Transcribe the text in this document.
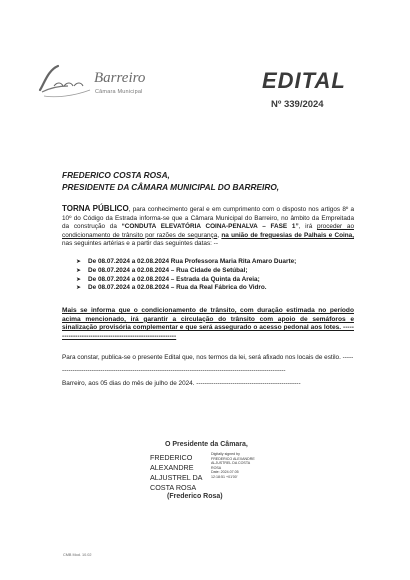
Barreiro
Câmara Municipal	EDITAL
Nº 339/2024
FREDERICO COSTA ROSA,
PRESIDENTE DA CÂMARA MUNICIPAL DO BARREIRO,
TORNA PÚBLICO, para conhecimento geral e em cumprimento com o disposto nos artigos 8º a 10º do Código da Estrada informa-se que a Câmara Municipal do Barreiro, no âmbito da Empreitada da construção da “CONDUTA ELEVATÓRIA COINA-PENALVA – FASE 1”, irá proceder ao condicionamento de trânsito por razões de segurança, na união de freguesias de Palhais e Coina, nas seguintes artérias e a partir das seguintes datas: --
➤ De 08.07.2024 a 02.08.2024 Rua Professora Maria Rita Amaro Duarte;
➤ De 08.07.2024 a 02.08.2024 – Rua Cidade de Setúbal;
➤ De 08.07.2024 a 02.08.2024 – Estrada da Quinta da Areia;
➤ De 08.07.2024 a 02.08.2024 – Rua da Real Fábrica do Vidro.
Mais se informa que o condicionamento de trânsito, com duração estimada no período acima mencionado, irá garantir a circulação do trânsito com apoio de semáforos e sinalização provisória complementar e que será assegurado o acesso pedonal aos lotes. ---------------------------------------------------------
Para constar, publica-se o presente Edital que, nos termos da lei, será afixado nos locais de estilo. --------------------------------------------------------------------------------------------------------------
Barreiro, aos 05 dias do mês de julho de 2024. -------------------------------------------------
O Presidente da Câmara,
FREDERICO
ALEXANDRE
ALJUSTREL DA
COSTA ROSA
Digitally signed by
FREDERICO ALEXANDRE
ALJUSTREL DA COSTA
ROSA
Date: 2024.07.05
12:18:51 +01'00'
(Frederico Rosa)
CMB Mod. 10.02
